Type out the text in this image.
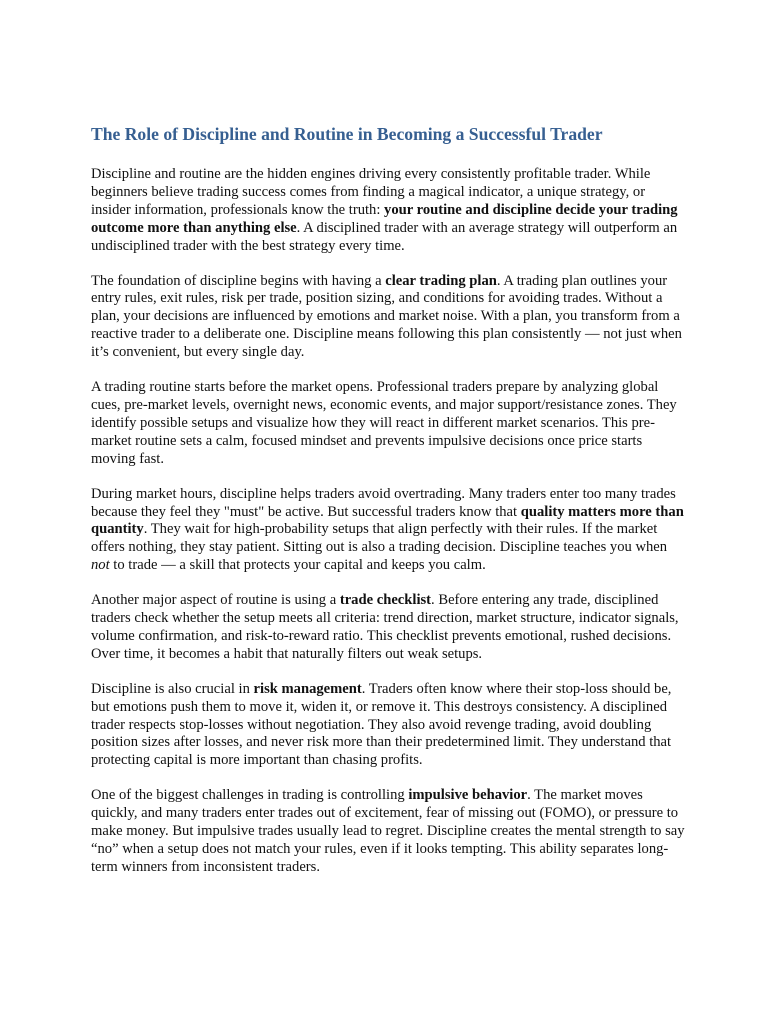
The Role of Discipline and Routine in Becoming a Successful Trader

Discipline and routine are the hidden engines driving every consistently profitable trader. While beginners believe trading success comes from finding a magical indicator, a unique strategy, or insider information, professionals know the truth: your routine and discipline decide your trading outcome more than anything else. A disciplined trader with an average strategy will outperform an undisciplined trader with the best strategy every time.

The foundation of discipline begins with having a clear trading plan. A trading plan outlines your entry rules, exit rules, risk per trade, position sizing, and conditions for avoiding trades. Without a plan, your decisions are influenced by emotions and market noise. With a plan, you transform from a reactive trader to a deliberate one. Discipline means following this plan consistently — not just when it’s convenient, but every single day.

A trading routine starts before the market opens. Professional traders prepare by analyzing global cues, pre-market levels, overnight news, economic events, and major support/resistance zones. They identify possible setups and visualize how they will react in different market scenarios. This pre-market routine sets a calm, focused mindset and prevents impulsive decisions once price starts moving fast.

During market hours, discipline helps traders avoid overtrading. Many traders enter too many trades because they feel they "must" be active. But successful traders know that quality matters more than quantity. They wait for high-probability setups that align perfectly with their rules. If the market offers nothing, they stay patient. Sitting out is also a trading decision. Discipline teaches you when not to trade — a skill that protects your capital and keeps you calm.

Another major aspect of routine is using a trade checklist. Before entering any trade, disciplined traders check whether the setup meets all criteria: trend direction, market structure, indicator signals, volume confirmation, and risk-to-reward ratio. This checklist prevents emotional, rushed decisions. Over time, it becomes a habit that naturally filters out weak setups.

Discipline is also crucial in risk management. Traders often know where their stop-loss should be, but emotions push them to move it, widen it, or remove it. This destroys consistency. A disciplined trader respects stop-losses without negotiation. They also avoid revenge trading, avoid doubling position sizes after losses, and never risk more than their predetermined limit. They understand that protecting capital is more important than chasing profits.

One of the biggest challenges in trading is controlling impulsive behavior. The market moves quickly, and many traders enter trades out of excitement, fear of missing out (FOMO), or pressure to make money. But impulsive trades usually lead to regret. Discipline creates the mental strength to say “no” when a setup does not match your rules, even if it looks tempting. This ability separates long-term winners from inconsistent traders.
